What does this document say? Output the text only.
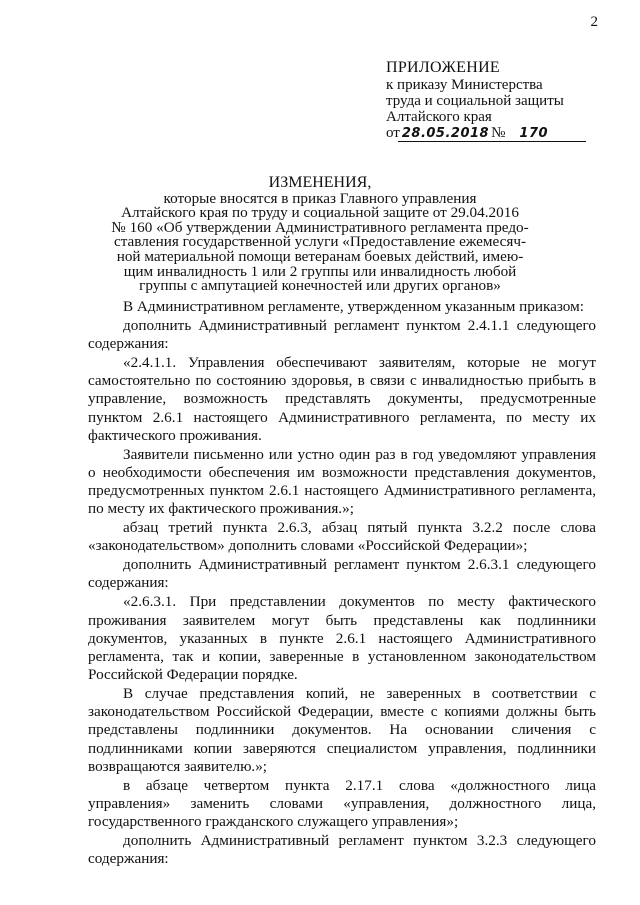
2
ПРИЛОЖЕНИЕ
к приказу Министерства
труда и социальной защиты
Алтайского края
от 28.05.2018 № 170
ИЗМЕНЕНИЯ,
которые вносятся в приказ Главного управления
Алтайского края по труду и социальной защите от 29.04.2016
№ 160 «Об утверждении Административного регламента предо-
ставления государственной услуги «Предоставление ежемесяч-
ной материальной помощи ветеранам боевых действий, имею-
щим инвалидность 1 или 2 группы или инвалидность любой
группы с ампутацией конечностей или других органов»

В Административном регламенте, утвержденном указанным приказом:

дополнить Административный регламент пунктом 2.4.1.1 следующего содержания:

«2.4.1.1. Управления обеспечивают заявителям, которые не могут самостоятельно по состоянию здоровья, в связи с инвалидностью прибыть в управление, возможность представлять документы, предусмотренные пунктом 2.6.1 настоящего Административного регламента, по месту их фактического проживания.

Заявители письменно или устно один раз в год уведомляют управления о необходимости обеспечения им возможности представления документов, предусмотренных пунктом 2.6.1 настоящего Административного регламента, по месту их фактического проживания.»;

абзац третий пункта 2.6.3, абзац пятый пункта 3.2.2 после слова «законодательством» дополнить словами «Российской Федерации»;

дополнить Административный регламент пунктом 2.6.3.1 следующего содержания:

«2.6.3.1. При представлении документов по месту фактического проживания заявителем могут быть представлены как подлинники документов, указанных в пункте 2.6.1 настоящего Административного регламента, так и копии, заверенные в установленном законодательством Российской Федерации порядке.

В случае представления копий, не заверенных в соответствии с законодательством Российской Федерации, вместе с копиями должны быть представлены подлинники документов. На основании сличения с подлинниками копии заверяются специалистом управления, подлинники возвращаются заявителю.»;

в абзаце четвертом пункта 2.17.1 слова «должностного лица управления» заменить словами «управления, должностного лица, государственного гражданского служащего управления»;

дополнить Административный регламент пунктом 3.2.3 следующего содержания:
